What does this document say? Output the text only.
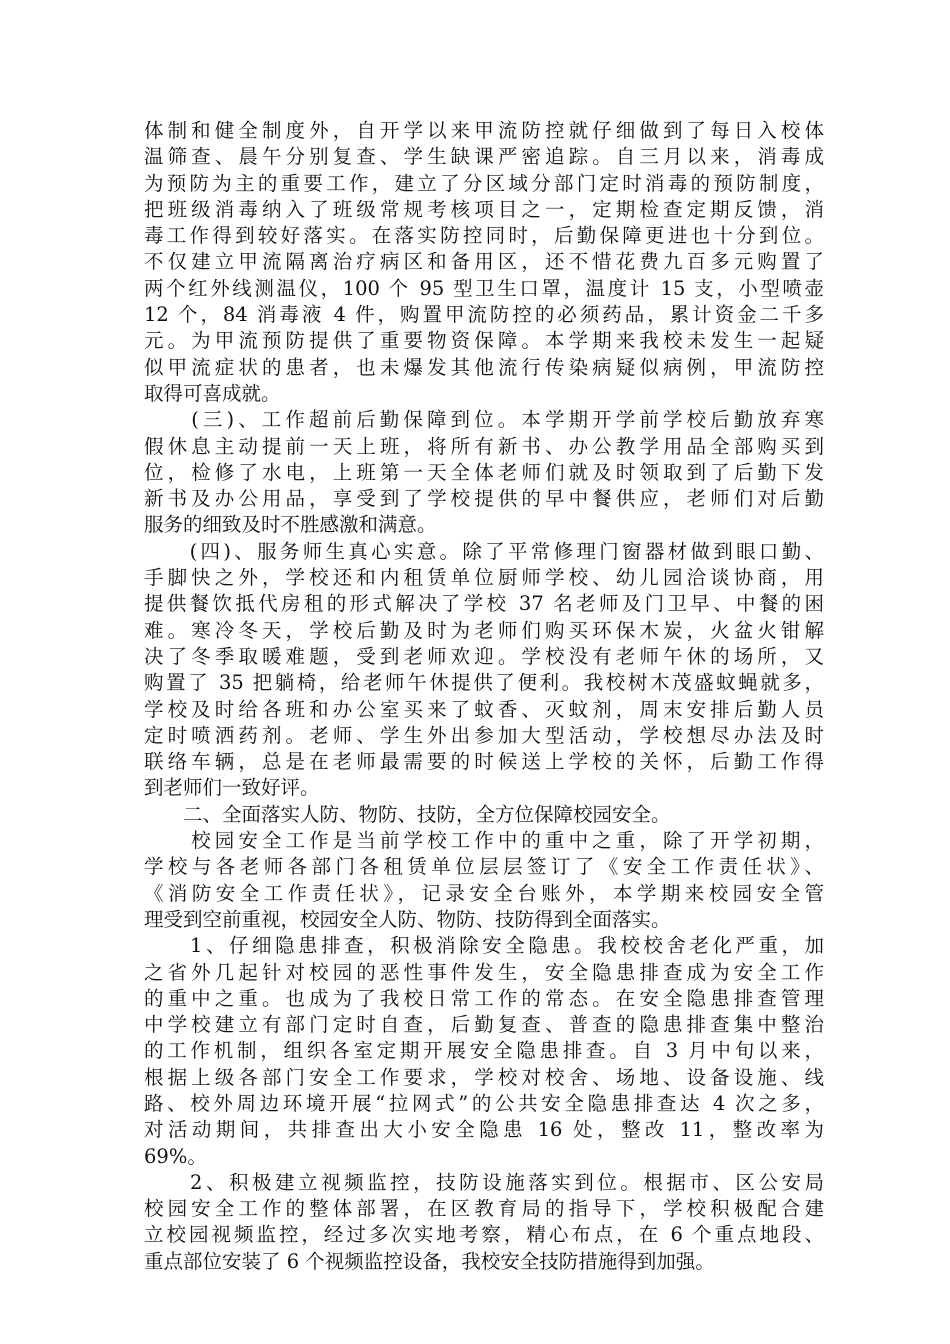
体制和健全制度外，自开学以来甲流防控就仔细做到了每日入校体
温筛查、晨午分别复查、学生缺课严密追踪。自三月以来，消毒成
为预防为主的重要工作，建立了分区域分部门定时消毒的预防制度，
把班级消毒纳入了班级常规考核项目之一，定期检查定期反馈，消
毒工作得到较好落实。在落实防控同时，后勤保障更进也十分到位。
不仅建立甲流隔离治疗病区和备用区，还不惜花费九百多元购置了
两个红外线测温仪，100 个 95 型卫生口罩，温度计 15 支，小型喷壶
12 个，84 消毒液 4 件，购置甲流防控的必须药品，累计资金二千多
元。为甲流预防提供了重要物资保障。本学期来我校未发生一起疑
似甲流症状的患者，也未爆发其他流行传染病疑似病例，甲流防控
取得可喜成就。
　　(三)、工作超前后勤保障到位。本学期开学前学校后勤放弃寒
假休息主动提前一天上班，将所有新书、办公教学用品全部购买到
位，检修了水电，上班第一天全体老师们就及时领取到了后勤下发
新书及办公用品，享受到了学校提供的早中餐供应，老师们对后勤
服务的细致及时不胜感激和满意。
　　(四)、服务师生真心实意。除了平常修理门窗器材做到眼口勤、
手脚快之外，学校还和内租赁单位厨师学校、幼儿园洽谈协商，用
提供餐饮抵代房租的形式解决了学校 37 名老师及门卫早、中餐的困
难。寒冷冬天，学校后勤及时为老师们购买环保木炭，火盆火钳解
决了冬季取暖难题，受到老师欢迎。学校没有老师午休的场所，又
购置了 35 把躺椅，给老师午休提供了便利。我校树木茂盛蚊蝇就多，
学校及时给各班和办公室买来了蚊香、灭蚊剂，周末安排后勤人员
定时喷洒药剂。老师、学生外出参加大型活动，学校想尽办法及时
联络车辆，总是在老师最需要的时候送上学校的关怀，后勤工作得
到老师们一致好评。
　　二、全面落实人防、物防、技防，全方位保障校园安全。
　　校园安全工作是当前学校工作中的重中之重，除了开学初期，
学校与各老师各部门各租赁单位层层签订了《安全工作责任状》、
《消防安全工作责任状》，记录安全台账外，本学期来校园安全管
理受到空前重视，校园安全人防、物防、技防得到全面落实。
　　1、仔细隐患排查，积极消除安全隐患。我校校舍老化严重，加
之省外几起针对校园的恶性事件发生，安全隐患排查成为安全工作
的重中之重。也成为了我校日常工作的常态。在安全隐患排查管理
中学校建立有部门定时自查，后勤复查、普查的隐患排查集中整治
的工作机制，组织各室定期开展安全隐患排查。自 3 月中旬以来，
根据上级各部门安全工作要求，学校对校舍、场地、设备设施、线
路、校外周边环境开展“拉网式”的公共安全隐患排查达 4 次之多，
对活动期间，共排查出大小安全隐患 16 处，整改 11，整改率为
69%。
　　2、积极建立视频监控，技防设施落实到位。根据市、区公安局
校园安全工作的整体部署，在区教育局的指导下，学校积极配合建
立校园视频监控，经过多次实地考察，精心布点，在 6 个重点地段、
重点部位安装了 6 个视频监控设备，我校安全技防措施得到加强。
